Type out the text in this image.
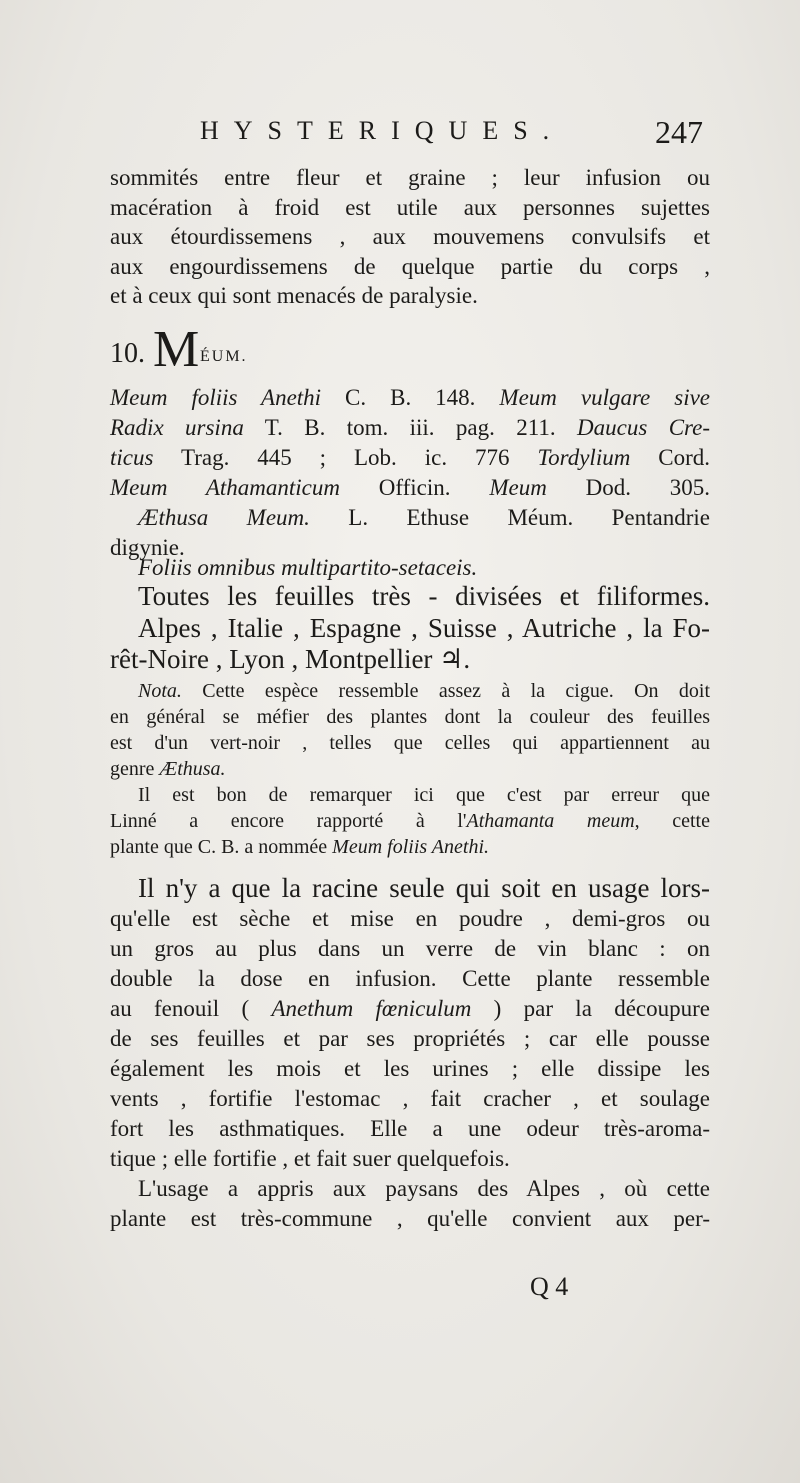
HYSTERIQUES.	247
sommités entre fleur et graine ; leur infusion ou
macération à froid est utile aux personnes sujettes
aux étourdissemens , aux mouvemens convulsifs et
aux engourdissemens de quelque partie du corps ,
et à ceux qui sont menacés de paralysie.
10. M ÉUM.
Meum foliis Anethi C. B. 148. Meum vulgare sive
Radix ursina T. B. tom. iii. pag. 211. Daucus Cre-
ticus Trag. 445 ; Lob. ic. 776 Tordylium Cord.
Meum Athamanticum Officin. Meum Dod. 305.
Æthusa Meum. L. Ethuse Méum. Pentandrie
digynie.
Foliis omnibus multipartito-setaceis.
Toutes les feuilles très - divisées et filiformes.
Alpes , Italie , Espagne , Suisse , Autriche , la Fo-
rêt-Noire , Lyon , Montpellier ♃.
Nota. Cette espèce ressemble assez à la cigue. On doit
en général se méfier des plantes dont la couleur des feuilles
est d'un vert-noir , telles que celles qui appartiennent au
genre Æthusa.
Il est bon de remarquer ici que c'est par erreur que
Linné a encore rapporté à l'Athamanta meum, cette
plante que C. B. a nommée Meum foliis Anethi.
Il n'y a que la racine seule qui soit en usage lors-
qu'elle est sèche et mise en poudre , demi-gros ou
un gros au plus dans un verre de vin blanc : on
double la dose en infusion. Cette plante ressemble
au fenouil ( Anethum fœniculum ) par la découpure
de ses feuilles et par ses propriétés ; car elle pousse
également les mois et les urines ; elle dissipe les
vents , fortifie l'estomac , fait cracher , et soulage
fort les asthmatiques. Elle a une odeur très-aroma-
tique ; elle fortifie , et fait suer quelquefois.
L'usage a appris aux paysans des Alpes , où cette
plante est très-commune , qu'elle convient aux per-
Q 4
